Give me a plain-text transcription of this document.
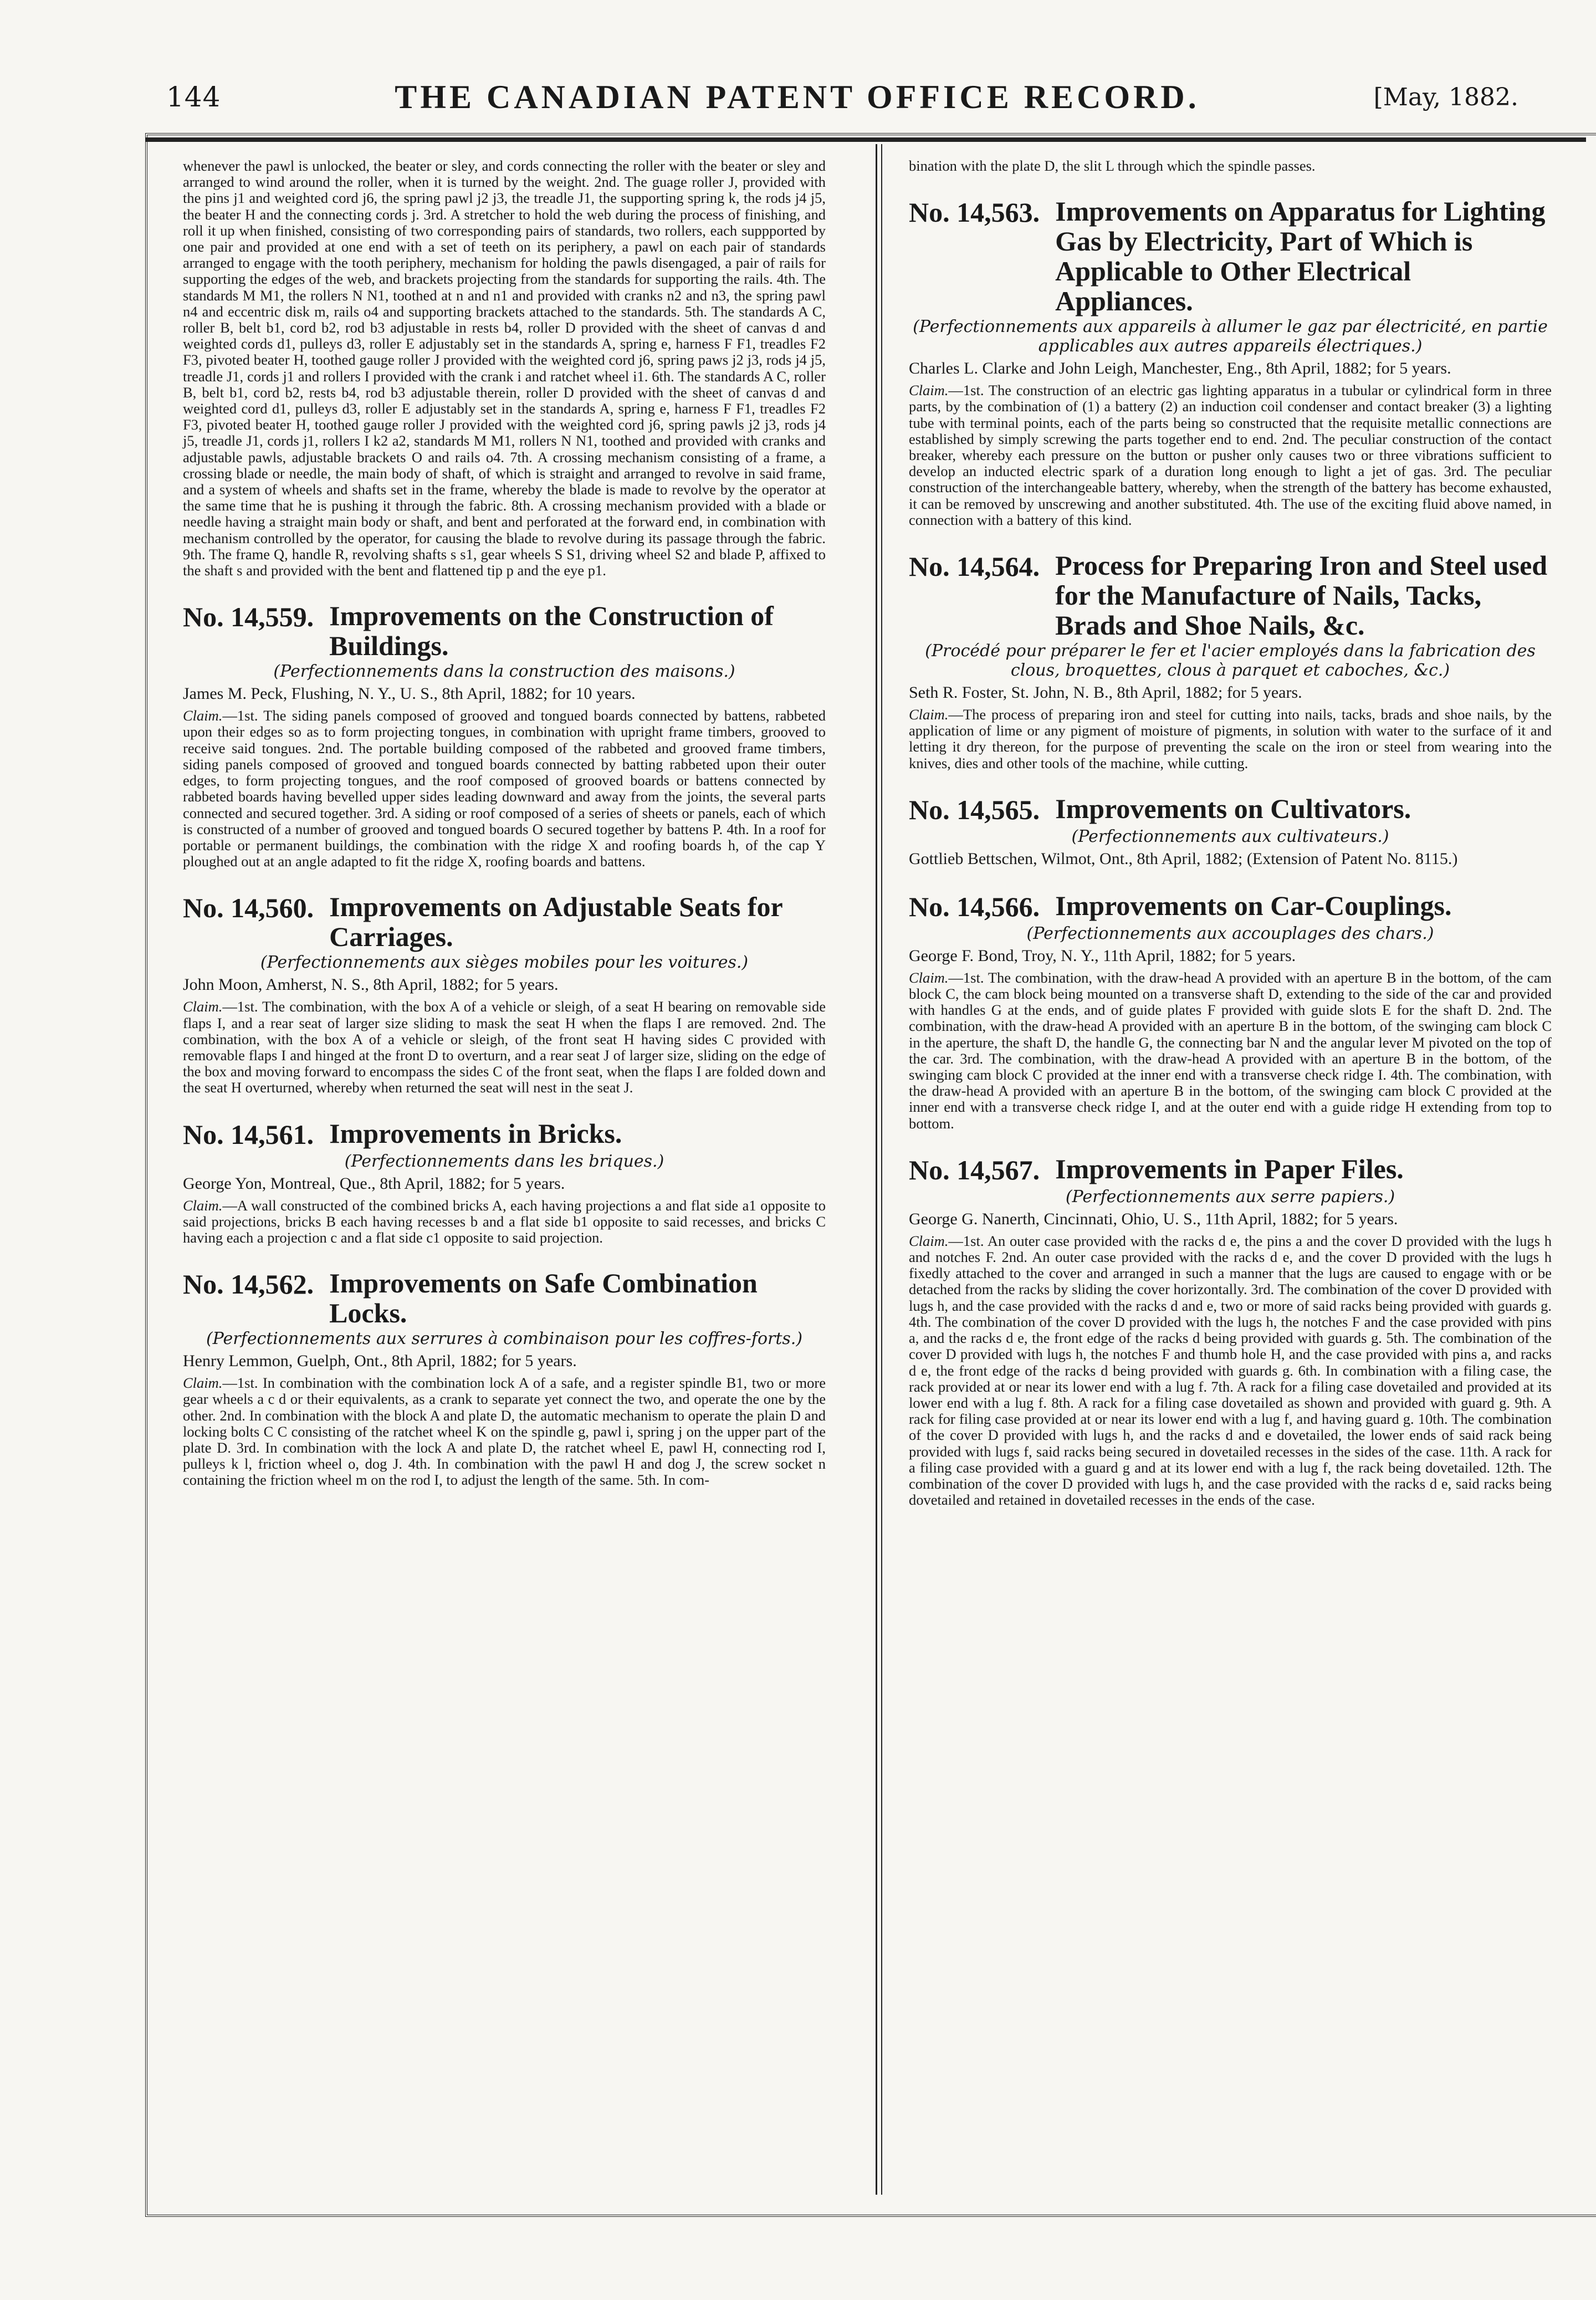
144	THE CANADIAN PATENT OFFICE RECORD.	[May, 1882.

whenever the pawl is unlocked, the beater or sley, and cords connecting the roller with the beater or sley and arranged to wind around the roller, when it is turned by the weight. 2nd. The guage roller J, provided with the pins j1 and weighted cord j6, the spring pawl j2 j3, the treadle J1, the supporting spring k, the rods j4 j5, the beater H and the connecting cords j. 3rd. A stretcher to hold the web during the process of finishing, and roll it up when finished, consisting of two corresponding pairs of standards, two rollers, each suppported by one pair and provided at one end with a set of teeth on its periphery, a pawl on each pair of standards arranged to engage with the tooth periphery, mechanism for holding the pawls disengaged, a pair of rails for supporting the edges of the web, and brackets projecting from the standards for supporting the rails. 4th. The standards M M1, the rollers N N1, toothed at n and n1 and provided with cranks n2 and n3, the spring pawl n4 and eccentric disk m, rails o4 and supporting brackets attached to the standards. 5th. The standards A C, roller B, belt b1, cord b2, rod b3 adjustable in rests b4, roller D provided with the sheet of canvas d and weighted cords d1, pulleys d3, roller E adjustably set in the standards A, spring e, harness F F1, treadles F2 F3, pivoted beater H, toothed gauge roller J provided with the weighted cord j6, spring paws j2 j3, rods j4 j5, treadle J1, cords j1 and rollers I provided with the crank i and ratchet wheel i1. 6th. The standards A C, roller B, belt b1, cord b2, rests b4, rod b3 adjustable therein, roller D provided with the sheet of canvas d and weighted cord d1, pulleys d3, roller E adjustably set in the standards A, spring e, harness F F1, treadles F2 F3, pivoted beater H, toothed gauge roller J provided with the weighted cord j6, spring pawls j2 j3, rods j4 j5, treadle J1, cords j1, rollers I k2 a2, standards M M1, rollers N N1, toothed and provided with cranks and adjustable pawls, adjustable brackets O and rails o4. 7th. A crossing mechanism consisting of a frame, a crossing blade or needle, the main body of shaft, of which is straight and arranged to revolve in said frame, and a system of wheels and shafts set in the frame, whereby the blade is made to revolve by the operator at the same time that he is pushing it through the fabric. 8th. A crossing mechanism provided with a blade or needle having a straight main body or shaft, and bent and perforated at the forward end, in combination with mechanism controlled by the operator, for causing the blade to revolve during its passage through the fabric. 9th. The frame Q, handle R, revolving shafts s s1, gear wheels S S1, driving wheel S2 and blade P, affixed to the shaft s and provided with the bent and flattened tip p and the eye p1.

No. 14,559. Improvements on the Construction of Buildings.
(Perfectionnements dans la construction des maisons.)
James M. Peck, Flushing, N. Y., U. S., 8th April, 1882; for 10 years.

Claim.—1st. The siding panels composed of grooved and tongued boards connected by battens, rabbeted upon their edges so as to form projecting tongues, in combination with upright frame timbers, grooved to receive said tongues. 2nd. The portable building composed of the rabbeted and grooved frame timbers, siding panels composed of grooved and tongued boards connected by batting rabbeted upon their outer edges, to form projecting tongues, and the roof composed of grooved boards or battens connected by rabbeted boards having bevelled upper sides leading downward and away from the joints, the several parts connected and secured together. 3rd. A siding or roof composed of a series of sheets or panels, each of which is constructed of a number of grooved and tongued boards O secured together by battens P. 4th. In a roof for portable or permanent buildings, the combination with the ridge X and roofing boards h, of the cap Y ploughed out at an angle adapted to fit the ridge X, roofing boards and battens.

No. 14,560. Improvements on Adjustable Seats for Carriages.
(Perfectionnements aux sièges mobiles pour les voitures.)
John Moon, Amherst, N. S., 8th April, 1882; for 5 years.

Claim.—1st. The combination, with the box A of a vehicle or sleigh, of a seat H bearing on removable side flaps I, and a rear seat of larger size sliding to mask the seat H when the flaps I are removed. 2nd. The combination, with the box A of a vehicle or sleigh, of the front seat H having sides C provided with removable flaps I and hinged at the front D to overturn, and a rear seat J of larger size, sliding on the edge of the box and moving forward to encompass the sides C of the front seat, when the flaps I are folded down and the seat H overturned, whereby when returned the seat will nest in the seat J.

No. 14,561. Improvements in Bricks.
(Perfectionnements dans les briques.)
George Yon, Montreal, Que., 8th April, 1882; for 5 years.

Claim.—A wall constructed of the combined bricks A, each having projections a and flat side a1 opposite to said projections, bricks B each having recesses b and a flat side b1 opposite to said recesses, and bricks C having each a projection c and a flat side c1 opposite to said projection.

No. 14,562. Improvements on Safe Combination Locks.
(Perfectionnements aux serrures à combinaison pour les coffres-forts.)
Henry Lemmon, Guelph, Ont., 8th April, 1882; for 5 years.

Claim.—1st. In combination with the combination lock A of a safe, and a register spindle B1, two or more gear wheels a c d or their equivalents, as a crank to separate yet connect the two, and operate the one by the other. 2nd. In combination with the block A and plate D, the automatic mechanism to operate the plain D and locking bolts C C consisting of the ratchet wheel K on the spindle g, pawl i, spring j on the upper part of the plate D. 3rd. In combination with the lock A and plate D, the ratchet wheel E, pawl H, connecting rod I, pulleys k l, friction wheel o, dog J. 4th. In combination with the pawl H and dog J, the screw socket n containing the friction wheel m on the rod I, to adjust the length of the same. 5th. In com-

bination with the plate D, the slit L through which the spindle passes.

No. 14,563. Improvements on Apparatus for Lighting Gas by Electricity, Part of Which is Applicable to Other Electrical Appliances.
(Perfectionnements aux appareils à allumer le gaz par électricité, en partie applicables aux autres appareils électriques.)
Charles L. Clarke and John Leigh, Manchester, Eng., 8th April, 1882; for 5 years.

Claim.—1st. The construction of an electric gas lighting apparatus in a tubular or cylindrical form in three parts, by the combination of (1) a battery (2) an induction coil condenser and contact breaker (3) a lighting tube with terminal points, each of the parts being so constructed that the requisite metallic connections are established by simply screwing the parts together end to end. 2nd. The peculiar construction of the contact breaker, whereby each pressure on the button or pusher only causes two or three vibrations sufficient to develop an inducted electric spark of a duration long enough to light a jet of gas. 3rd. The peculiar construction of the interchangeable battery, whereby, when the strength of the battery has become exhausted, it can be removed by unscrewing and another substituted. 4th. The use of the exciting fluid above named, in connection with a battery of this kind.

No. 14,564. Process for Preparing Iron and Steel used for the Manufacture of Nails, Tacks, Brads and Shoe Nails, &c.
(Procédé pour préparer le fer et l'acier employés dans la fabrication des clous, broquettes, clous à parquet et caboches, &c.)
Seth R. Foster, St. John, N. B., 8th April, 1882; for 5 years.

Claim.—The process of preparing iron and steel for cutting into nails, tacks, brads and shoe nails, by the application of lime or any pigment of moisture of pigments, in solution with water to the surface of it and letting it dry thereon, for the purpose of preventing the scale on the iron or steel from wearing into the knives, dies and other tools of the machine, while cutting.

No. 14,565. Improvements on Cultivators.
(Perfectionnements aux cultivateurs.)
Gottlieb Bettschen, Wilmot, Ont., 8th April, 1882; (Extension of Patent No. 8115.)
No. 14,566. Improvements on Car-Couplings.
(Perfectionnements aux accouplages des chars.)
George F. Bond, Troy, N. Y., 11th April, 1882; for 5 years.

Claim.—1st. The combination, with the draw-head A provided with an aperture B in the bottom, of the cam block C, the cam block being mounted on a transverse shaft D, extending to the side of the car and provided with handles G at the ends, and of guide plates F provided with guide slots E for the shaft D. 2nd. The combination, with the draw-head A provided with an aperture B in the bottom, of the swinging cam block C in the aperture, the shaft D, the handle G, the connecting bar N and the angular lever M pivoted on the top of the car. 3rd. The combination, with the draw-head A provided with an aperture B in the bottom, of the swinging cam block C provided at the inner end with a transverse check ridge I. 4th. The combination, with the draw-head A provided with an aperture B in the bottom, of the swinging cam block C provided at the inner end with a transverse check ridge I, and at the outer end with a guide ridge H extending from top to bottom.

No. 14,567. Improvements in Paper Files.
(Perfectionnements aux serre papiers.)
George G. Nanerth, Cincinnati, Ohio, U. S., 11th April, 1882; for 5 years.

Claim.—1st. An outer case provided with the racks d e, the pins a and the cover D provided with the lugs h and notches F. 2nd. An outer case provided with the racks d e, and the cover D provided with the lugs h fixedly attached to the cover and arranged in such a manner that the lugs are caused to engage with or be detached from the racks by sliding the cover horizontally. 3rd. The combination of the cover D provided with lugs h, and the case provided with the racks d and e, two or more of said racks being provided with guards g. 4th. The combination of the cover D provided with the lugs h, the notches F and the case provided with pins a, and the racks d e, the front edge of the racks d being provided with guards g. 5th. The combination of the cover D provided with lugs h, the notches F and thumb hole H, and the case provided with pins a, and racks d e, the front edge of the racks d being provided with guards g. 6th. In combination with a filing case, the rack provided at or near its lower end with a lug f. 7th. A rack for a filing case dovetailed and provided at its lower end with a lug f. 8th. A rack for a filing case dovetailed as shown and provided with guard g. 9th. A rack for filing case provided at or near its lower end with a lug f, and having guard g. 10th. The combination of the cover D provided with lugs h, and the racks d and e dovetailed, the lower ends of said rack being provided with lugs f, said racks being secured in dovetailed recesses in the sides of the case. 11th. A rack for a filing case provided with a guard g and at its lower end with a lug f, the rack being dovetailed. 12th. The combination of the cover D provided with lugs h, and the case provided with the racks d e, said racks being dovetailed and retained in dovetailed recesses in the ends of the case.
